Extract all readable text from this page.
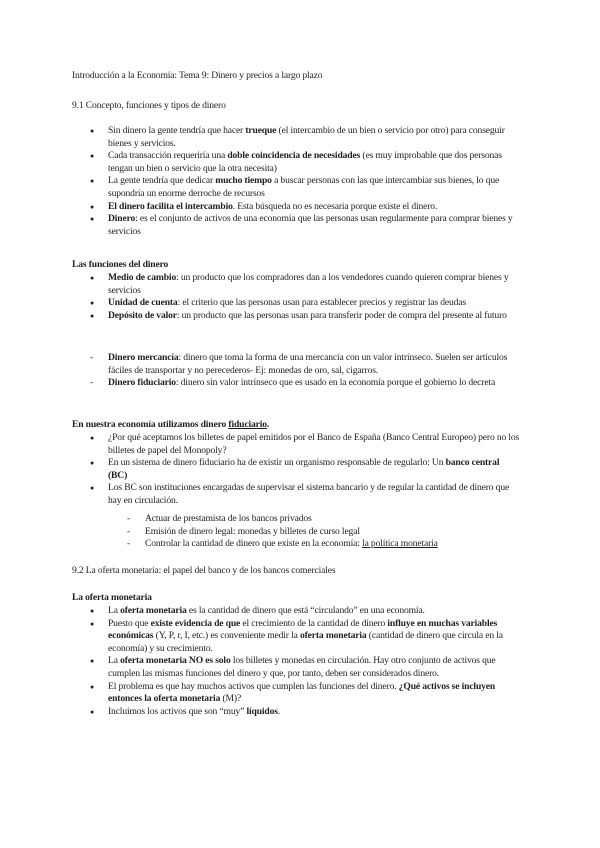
Introducción a la Economía: Tema 9: Dinero y precios a largo plazo
9.1 Concepto, funciones y tipos de dinero
● Sin dinero la gente tendría que hacer trueque (el intercambio de un bien o servicio por otro) para conseguir bienes y servicios.
● Cada transacción requeriría una doble coincidencia de necesidades (es muy improbable que dos personas tengan un bien o servicio que la otra necesita)
● La gente tendría que dedicar mucho tiempo a buscar personas con las que intercambiar sus bienes, lo que supondría un enorme derroche de recursos
● El dinero facilita el intercambio. Esta búsqueda no es necesaria porque existe el dinero.
● Dinero: es el conjunto de activos de una economía que las personas usan regularmente para comprar bienes y servicios
Las funciones del dinero
● Medio de cambio: un producto que los compradores dan a los vendedores cuando quieren comprar bienes y servicios
● Unidad de cuenta: el criterio que las personas usan para establecer precios y registrar las deudas
● Depósito de valor: un producto que las personas usan para transferir poder de compra del presente al futuro
- Dinero mercancía: dinero que toma la forma de una mercancía con un valor intrínseco. Suelen ser artículos fáciles de transportar y no perecederos- Ej: monedas de oro, sal, cigarros.
- Dinero fiduciario: dinero sin valor intrínseco que es usado en la economía porque el gobierno lo decreta
En nuestra economía utilizamos dinero fiduciario.
● ¿Por qué aceptamos los billetes de papel emitidos por el Banco de España (Banco Central Europeo) pero no los billetes de papel del Monopoly?
● En un sistema de dinero fiduciario ha de existir un organismo responsable de regularlo: Un banco central (BC)
● Los BC son instituciones encargadas de supervisar el sistema bancario y de regular la cantidad de dinero que hay en circulación.
- Actuar de prestamista de los bancos privados
- Emisión de dinero legal: monedas y billetes de curso legal
- Controlar la cantidad de dinero que existe en la economía: la política monetaria
9.2 La oferta monetaria: el papel del banco y de los bancos comerciales
La oferta monetaria
● La oferta monetaria es la cantidad de dinero que está “circulando” en una economía.
● Puesto que existe evidencia de que el crecimiento de la cantidad de dinero influye en muchas variables económicas (Y, P, r, I, etc.) es conveniente medir la oferta monetaria (cantidad de dinero que circula en la economía) y su crecimiento.
● La oferta monetaria NO es solo los billetes y monedas en circulación. Hay otro conjunto de activos que cumplen las mismas funciones del dinero y que, por tanto, deben ser considerados dinero.
● El problema es que hay muchos activos que cumplen las funciones del dinero. ¿Qué activos se incluyen entonces la oferta monetaria (M)?
● Incluimos los activos que son “muy” líquidos.
